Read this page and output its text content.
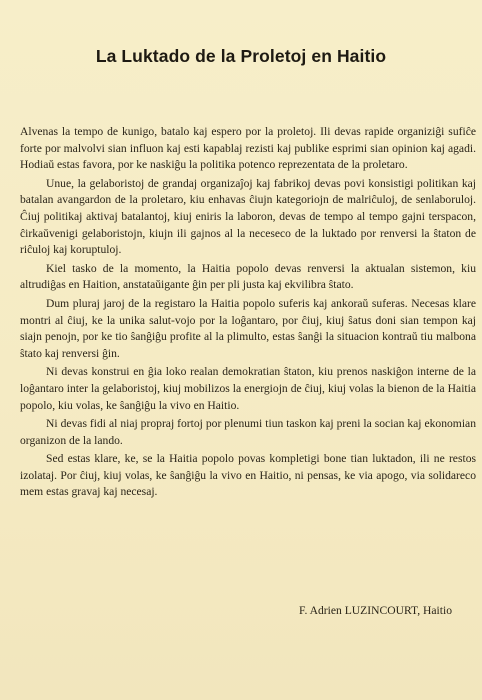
La Luktado de la Proletoj en Haitio

Alvenas la tempo de kunigo, batalo kaj espero por la proletoj. Ili devas rapide organiziĝi sufiĉe forte por malvolvi sian influon kaj esti kapablaj rezisti kaj publike esprimi sian opinion kaj agadi. Hodiaŭ estas favora, por ke naskiĝu la politika potenco reprezentata de la proletaro.

Unue, la gelaboristoj de grandaj organizaĵoj kaj fabrikoj devas povi konsistigi politikan kaj batalan avangardon de la proletaro, kiu enhavas ĉiujn kategoriojn de malriĉuloj, de senlaboruloj. Ĉiuj politikaj aktivaj batalantoj, kiuj eniris la laboron, devas de tempo al tempo gajni terspacon, ĉirkaŭvenigi gelaboristojn, kiujn ili gajnos al la neceseco de la luktado por renversi la ŝtaton de riĉuloj kaj koruptuloj.

Kiel tasko de la momento, la Haitia popolo devas renversi la aktualan sistemon, kiu altrudiĝas en Haition, anstataŭigante ĝin per pli justa kaj ekvilibra ŝtato.

Dum pluraj jaroj de la registaro la Haitia popolo suferis kaj ankoraŭ suferas. Necesas klare montri al ĉiuj, ke la unika salut-vojo por la loĝantaro, por ĉiuj, kiuj ŝatus doni sian tempon kaj siajn penojn, por ke tio ŝanĝiĝu profite al la plimulto, estas ŝanĝi la situacion kontraŭ tiu malbona ŝtato kaj renversi ĝin.

Ni devas konstrui en ĝia loko realan demokratian ŝtaton, kiu prenos naskiĝon interne de la loĝantaro inter la gelaboristoj, kiuj mobilizos la energiojn de ĉiuj, kiuj volas la bienon de la Haitia popolo, kiu volas, ke ŝanĝiĝu la vivo en Haitio.

Ni devas fidi al niaj propraj fortoj por plenumi tiun taskon kaj preni la socian kaj ekonomian organizon de la lando.

Sed estas klare, ke, se la Haitia popolo povas kompletigi bone tian luktadon, ili ne restos izolataj. Por ĉiuj, kiuj volas, ke ŝanĝiĝu la vivo en Haitio, ni pensas, ke via apogo, via solidareco mem estas gravaj kaj necesaj.

F. Adrien LUZINCOURT, Haitio
